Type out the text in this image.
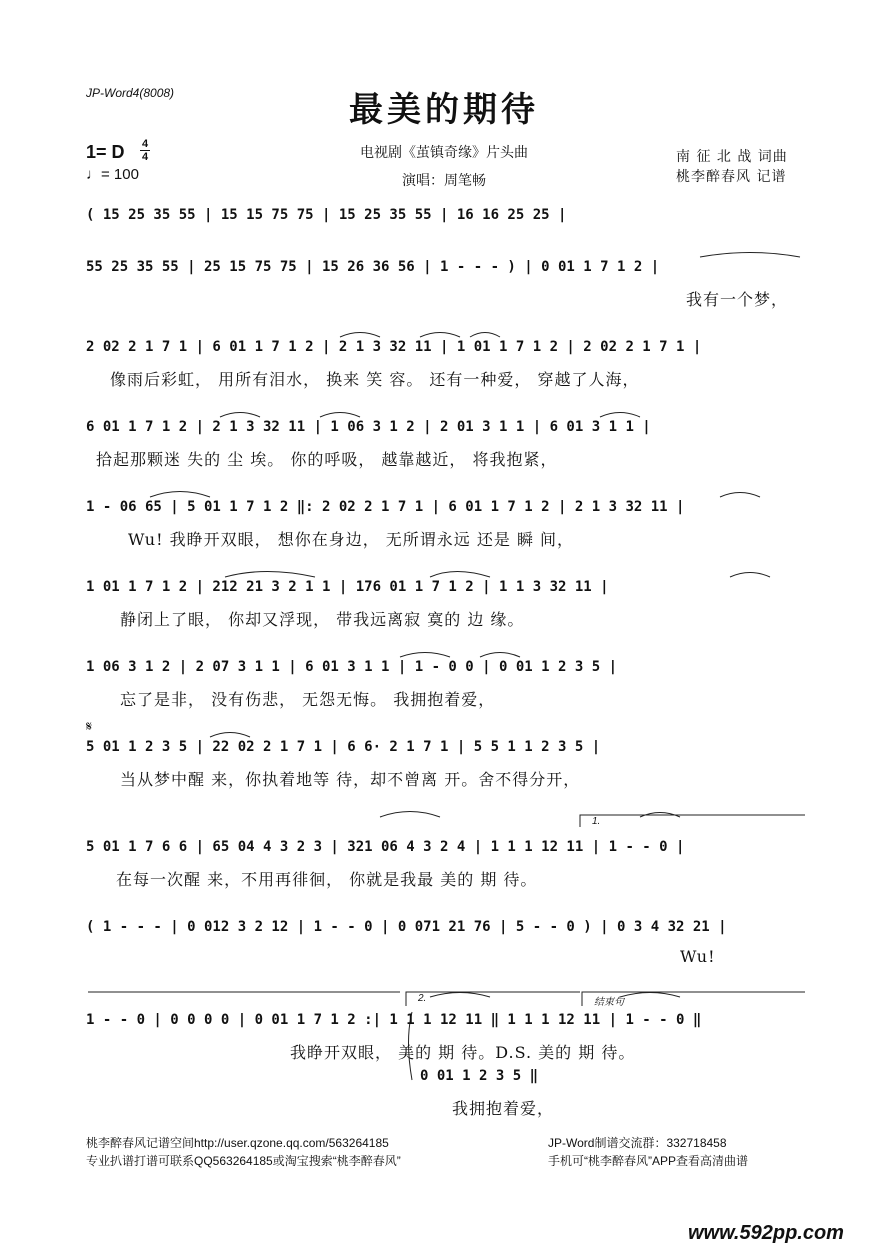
JP-Word4(8008)	最美的期待
1= D 4
4
♩= 100
电视剧《茧镇奇缘》片头曲
演唱：周笔畅
南 征 北 战 词曲
桃李醉春风 记谱
1.
2.	结束句
𝄋
( 15 25 35 55 | 15 15 75 75 | 15 25 35 55 | 16 16 25 25 |
55 25 35 55 | 25 15 75 75 | 15 26 36 56 | 1 - - - ) | 0 01 1 7 1 2 |
我有一个梦，
2 02 2 1 7 1 | 6 01 1 7 1 2 | 2 1 3 32 11 | 1 01 1 7 1 2 | 2 02 2 1 7 1 |
像雨后彩虹， 用所有泪水， 换来 笑 容。 还有一种爱， 穿越了人海，
6 01 1 7 1 2 | 2 1 3 32 11 | 1 06 3 1 2 | 2 01 3 1 1 | 6 01 3 1 1 |
拾起那颗迷 失的 尘 埃。 你的呼吸， 越靠越近， 将我抱紧，
1 - 06 65 | 5 01 1 7 1 2 ‖: 2 02 2 1 7 1 | 6 01 1 7 1 2 | 2 1 3 32 11 |
Wu! 我睁开双眼， 想你在身边， 无所谓永远 还是 瞬 间，
1 01 1 7 1 2 | 212 21 3 2 1 1 | 176 01 1 7 1 2 | 1 1 3 32 11 |
静闭上了眼， 你却又浮现， 带我远离寂 寞的 边 缘。
1 06 3 1 2 | 2 07 3 1 1 | 6 01 3 1 1 | 1 - 0 0 | 0 01 1 2 3 5 |
忘了是非， 没有伤悲， 无怨无悔。 我拥抱着爱，
5 01 1 2 3 5 | 22 02 2 1 7 1 | 6 6· 2 1 7 1 | 5 5 1 1 2 3 5 |
当从梦中醒 来，你执着地等 待，却不曾离 开。舍不得分开，
5 01 1 7 6 6 | 65 04 4 3 2 3 | 321 06 4 3 2 4 | 1 1 1 12 11 | 1 - - 0 |
在每一次醒 来，不用再徘徊， 你就是我最 美的 期 待。
( 1 - - - | 0 012 3 2 12 | 1 - - 0 | 0 071 21 76 | 5 - - 0 ) | 0 3 4 32 21 |
Wu!
1 - - 0 | 0 0 0 0 | 0 01 1 7 1 2 :| 1 1 1 12 11 ‖ 1 1 1 12 11 | 1 - - 0 ‖
我睁开双眼， 美的 期 待。D.S. 美的 期 待。
0 01 1 2 3 5 ‖
我拥抱着爱，
桃李醉春风记谱空间http://user.qzone.qq.com/563264185
专业扒谱打谱可联系QQ563264185或淘宝搜索“桃李醉春风”
JP-Word制谱交流群：332718458
手机可“桃李醉春风”APP查看高清曲谱
www.592pp.com
